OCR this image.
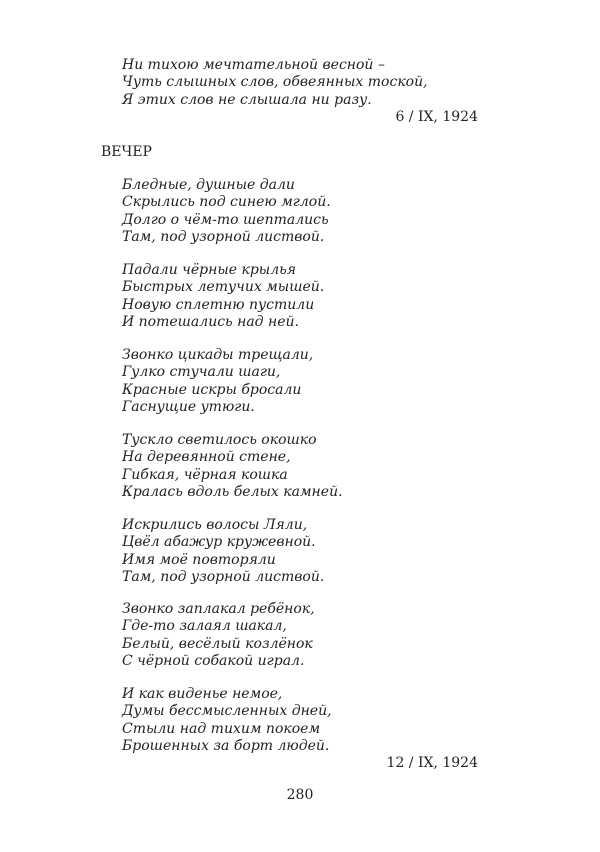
Ни тихою мечтательной весной –
Чуть слышных слов, обвеянных тоской,
Я этих слов не слышала ни разу.
6 / IX, 1924
ВЕЧЕР
Бледные, душные дали
Скрылись под синею мглой.
Долго о чём-то шептались
Там, под узорной листвой.
Падали чёрные крылья
Быстрых летучих мышей.
Новую сплетню пустили
И потешались над ней.
Звонко цикады трещали,
Гулко стучали шаги,
Красные искры бросали
Гаснущие утюги.
Тускло светилось окошко
На деревянной стене,
Гибкая, чёрная кошка
Кралась вдоль белых камней.
Искрились волосы Ляли,
Цвёл абажур кружевной.
Имя моё повторяли
Там, под узорной листвой.
Звонко заплакал ребёнок,
Где-то залаял шакал,
Белый, весёлый козлёнок
С чёрной собакой играл.
И как виденье немое,
Думы бессмысленных дней,
Стыли над тихим покоем
Брошенных за борт людей.
12 / IX, 1924
280
